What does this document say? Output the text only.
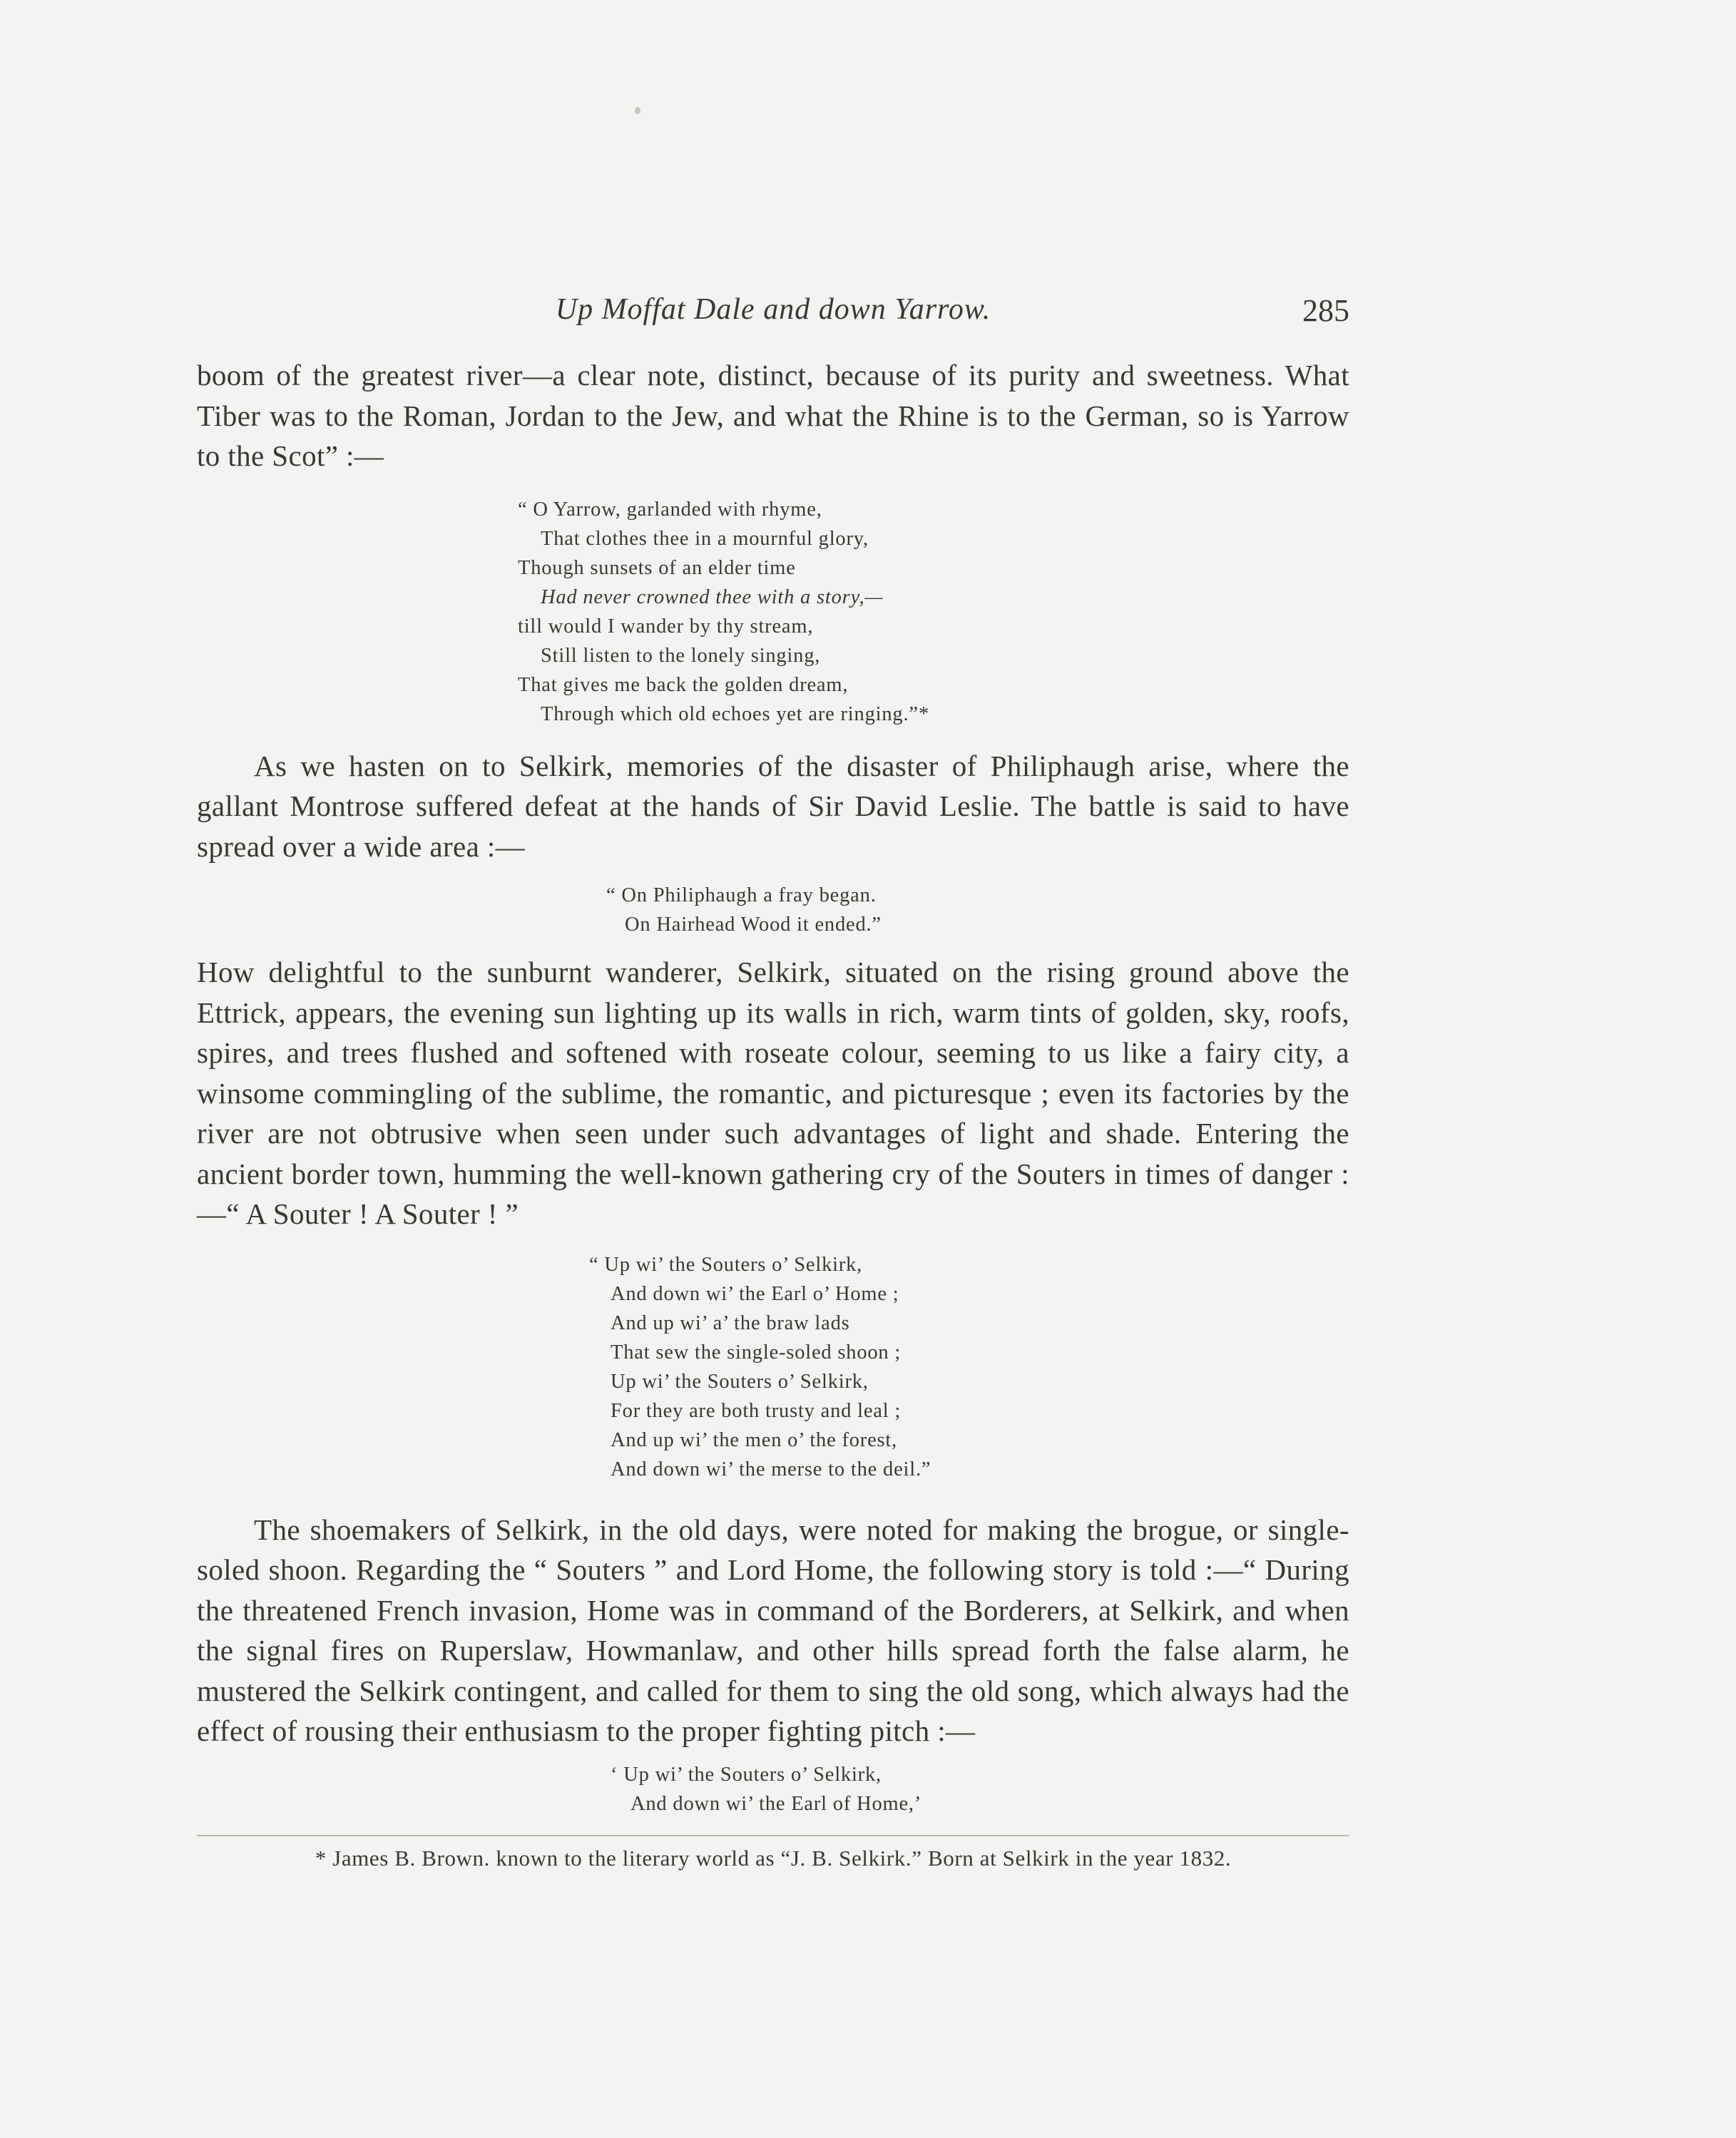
Up Moffat Dale and down Yarrow.	285

boom of the greatest river—a clear note, distinct, because of its purity and sweetness. What Tiber was to the Roman, Jordan to the Jew, and what the Rhine is to the German, so is Yarrow to the Scot” :—

“ O Yarrow, garlanded with rhyme,
That clothes thee in a mournful glory,
Though sunsets of an elder time
Had never crowned thee with a story,—
till would I wander by thy stream,
Still listen to the lonely singing,
That gives me back the golden dream,
Through which old echoes yet are ringing.”*

As we hasten on to Selkirk, memories of the disaster of Philiphaugh arise, where the gallant Montrose suffered defeat at the hands of Sir David Leslie. The battle is said to have spread over a wide area :—

“ On Philiphaugh a fray began.
On Hairhead Wood it ended.”

How delightful to the sunburnt wanderer, Selkirk, situated on the rising ground above the Ettrick, appears, the evening sun lighting up its walls in rich, warm tints of golden, sky, roofs, spires, and trees flushed and softened with roseate colour, seeming to us like a fairy city, a winsome commingling of the sublime, the romantic, and picturesque ; even its factories by the river are not obtrusive when seen under such advantages of light and shade. Entering the ancient border town, humming the well-known gathering cry of the Souters in times of danger :—“ A Souter ! A Souter ! ”

“ Up wi’ the Souters o’ Selkirk,
And down wi’ the Earl o’ Home ;
And up wi’ a’ the braw lads
That sew the single-soled shoon ;
Up wi’ the Souters o’ Selkirk,
For they are both trusty and leal ;
And up wi’ the men o’ the forest,
And down wi’ the merse to the deil.”

The shoemakers of Selkirk, in the old days, were noted for making the brogue, or single-soled shoon. Regarding the “ Souters ” and Lord Home, the following story is told :—“ During the threatened French invasion, Home was in command of the Borderers, at Selkirk, and when the signal fires on Ruperslaw, Howmanlaw, and other hills spread forth the false alarm, he mustered the Selkirk contingent, and called for them to sing the old song, which always had the effect of rousing their enthusiasm to the proper fighting pitch :—

‘ Up wi’ the Souters o’ Selkirk,
And down wi’ the Earl of Home,’
* James B. Brown. known to the literary world as “J. B. Selkirk.” Born at Selkirk in the year 1832.
